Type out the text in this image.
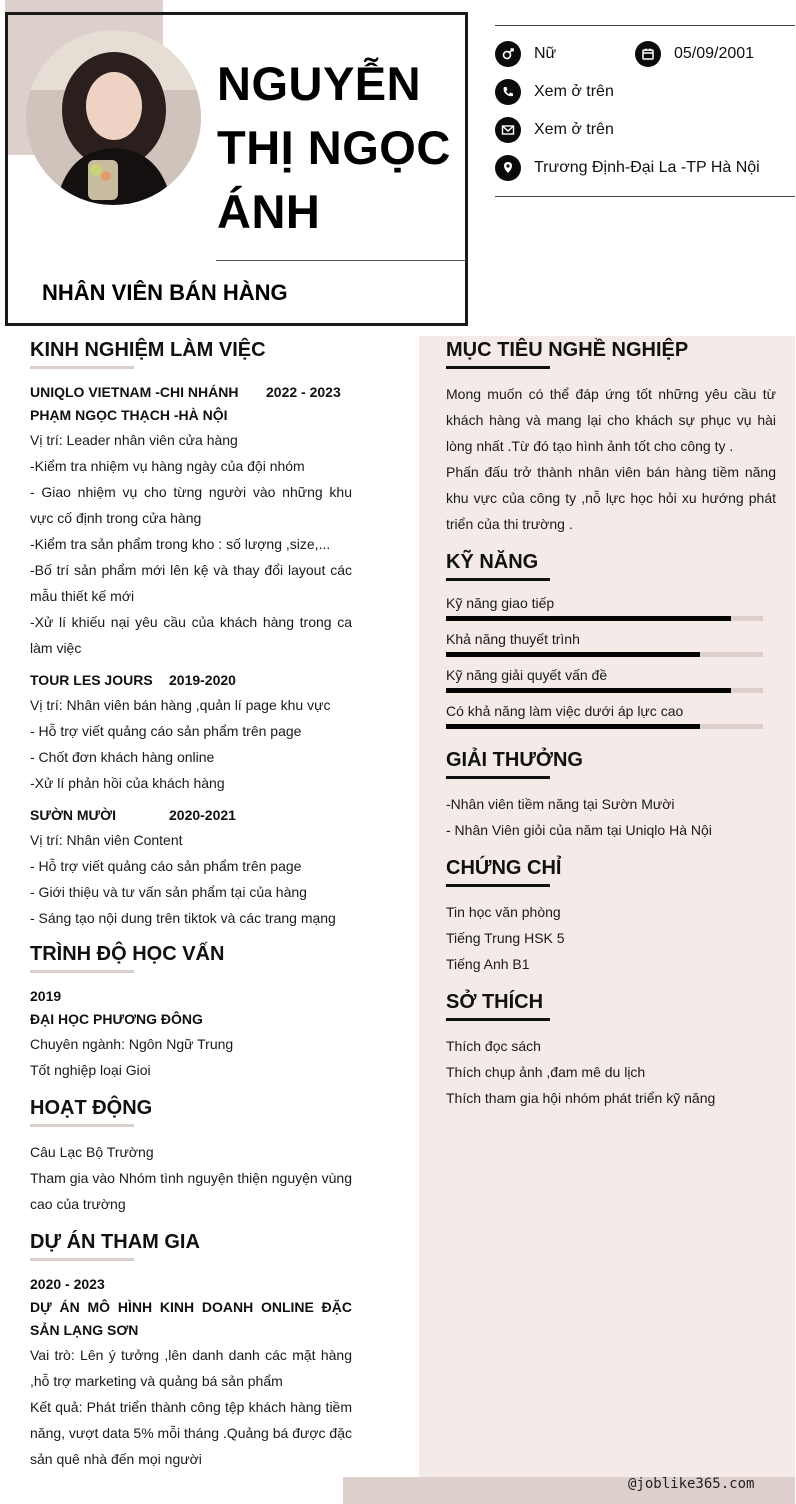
NGUYỄN
THỊ NGỌC
ÁNH
NHÂN VIÊN BÁN HÀNG
Nữ	05/09/2001
Xem ở trên
Xem ở trên
Trương Định-Đại La -TP Hà Nội
@joblike365.com
KINH NGHIỆM LÀM VIỆC
UNIQLO VIETNAM -CHI NHÁNH	2022 - 2023
PHẠM NGỌC THẠCH -HÀ NỘI
Vị trí: Leader nhân viên cửa hàng
-Kiểm tra nhiệm vụ hàng ngày của đội nhóm
- Giao nhiệm vụ cho từng người vào những khu vực cố định trong cửa hàng
-Kiểm tra sản phẩm trong kho : số lượng ,size,...
-Bố trí sản phẩm mới lên kệ và thay đổi layout các mẫu thiết kế mới
-Xử lí khiếu nại yêu cầu của khách hàng trong ca làm việc
TOUR LES JOURS	2019-2020
Vị trí: Nhân viên bán hàng ,quản lí page khu vực
- Hỗ trợ viết quảng cáo sản phẩm trên page
- Chốt đơn khách hàng online
-Xử lí phản hồi của khách hàng
SƯỜN MƯỜI	2020-2021
Vị trí: Nhân viên Content
- Hỗ trợ viết quảng cáo sản phẩm trên page
- Giới thiệu và tư vấn sản phẩm tại của hàng
- Sáng tạo nội dung trên tiktok và các trang mạng
TRÌNH ĐỘ HỌC VẤN
2019
ĐẠI HỌC PHƯƠNG ĐÔNG
Chuyên ngành: Ngôn Ngữ Trung
Tốt nghiệp loại Gioi
HOẠT ĐỘNG
Câu Lạc Bộ Trường
Tham gia vào Nhóm tình nguyện thiện nguyện vùng cao của trường
DỰ ÁN THAM GIA
2020 - 2023
DỰ ÁN MÔ HÌNH KINH DOANH ONLINE ĐẶC SẢN LẠNG SƠN
Vai trò: Lên ý tưởng ,lên danh danh các mặt hàng ,hỗ trợ marketing và quảng bá sản phẩm
Kết quả: Phát triển thành công tệp khách hàng tiềm năng, vượt data 5% mỗi tháng .Quảng bá được đặc sản quê nhà đến mọi người
MỤC TIÊU NGHỀ NGHIỆP
Mong muốn có thể đáp ứng tốt những yêu cầu từ khách hàng và mang lại cho khách sự phục vụ hài lòng nhất .Từ đó tạo hình ảnh tốt cho công ty .
Phấn đấu trở thành nhân viên bán hàng tiềm năng khu vực của công ty ,nỗ lực học hỏi xu hướng phát triển của thi trường .
KỸ NĂNG
Kỹ năng giao tiếp
Khả năng thuyết trình
Kỹ năng giải quyết vấn đề
Có khả năng làm việc dưới áp lực cao
GIẢI THƯỞNG
-Nhân viên tiềm năng tại Sườn Mười
- Nhân Viên giỏi của năm tại Uniqlo Hà Nội
CHỨNG CHỈ
Tin học văn phòng
Tiếng Trung HSK 5
Tiếng Anh B1
SỞ THÍCH
Thích đọc sách
Thích chụp ảnh ,đam mê du lịch
Thích tham gia hội nhóm phát triển kỹ năng
